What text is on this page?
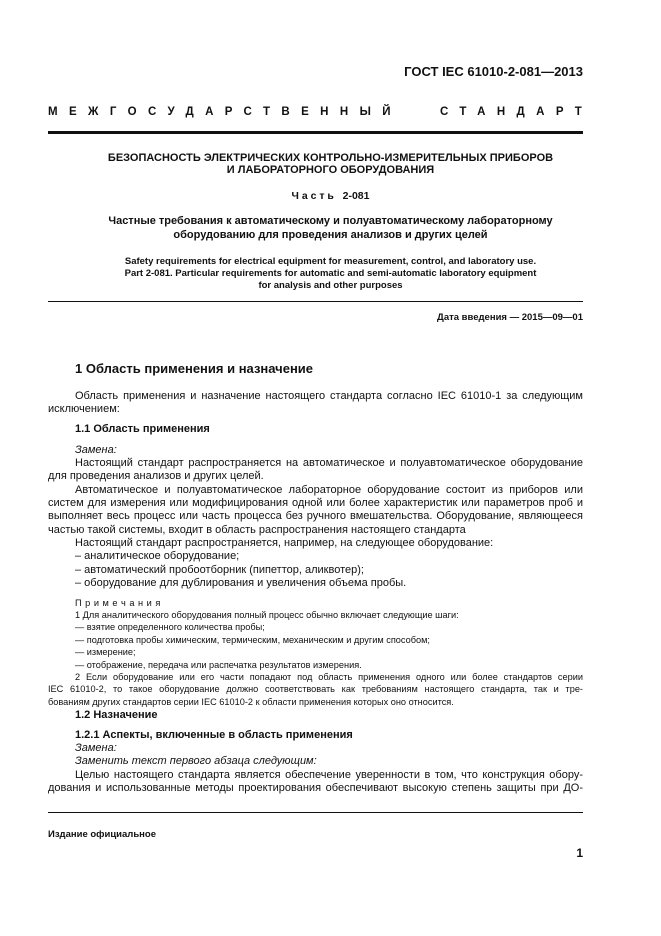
ГОСТ IEC 61010-2-081—2013
МЕЖГОСУДАРСТВЕННЫЙ	СТАНДАРТ
БЕЗОПАСНОСТЬ ЭЛЕКТРИЧЕСКИХ КОНТРОЛЬНО-ИЗМЕРИТЕЛЬНЫХ ПРИБОРОВ
И ЛАБОРАТОРНОГО ОБОРУДОВАНИЯ
Ч а с т ь   2-081
Частные требования к автоматическому и полуавтоматическому лабораторному
оборудованию для проведения анализов и других целей
Safety requirements for electrical equipment for measurement, control, and laboratory use.
Part 2-081. Particular requirements for automatic and semi-automatic laboratory equipment
for analysis and other purposes
Дата введения — 2015—09—01
1 Область применения и назначение
Область применения и назначение настоящего стандарта согласно IEC 61010-1 за следующим
исключением:
1.1 Область применения
Замена:
Настоящий стандарт распространяется на автоматическое и полуавтоматическое оборудование
для проведения анализов и других целей.
Автоматическое и полуавтоматическое лабораторное оборудование состоит из приборов или
систем для измерения или модифицирования одной или более характеристик или параметров проб и
выполняет весь процесс или часть процесса без ручного вмешательства. Оборудование, являющееся
частью такой системы, входит в область распространения настоящего стандарта
Настоящий стандарт распространяется, например, на следующее оборудование:
– аналитическое оборудование;
– автоматический пробоотборник (пипеттор, аликвотер);
– оборудование для дублирования и увеличения объема пробы.
П р и м е ч а н и я
1 Для аналитического оборудования полный процесс обычно включает следующие шаги:
— взятие определенного количества пробы;
— подготовка пробы химическим, термическим, механическим и другим способом;
— измерение;
— отображение, передача или распечатка результатов измерения.
2 Если оборудование или его части попадают под область применения одного или более стандартов серии
IEC 61010-2, то такое оборудование должно соответствовать как требованиям настоящего стандарта, так и тре-
бованиям других стандартов серии IEC 61010-2 к области применения которых оно относится.
1.2 Назначение
1.2.1 Аспекты, включенные в область применения
Замена:
Заменить текст первого абзаца следующим:
Целью настоящего стандарта является обеспечение уверенности в том, что конструкция обору-
дования и использованные методы проектирования обеспечивают высокую степень защиты при ДО-
Издание официальное
1
